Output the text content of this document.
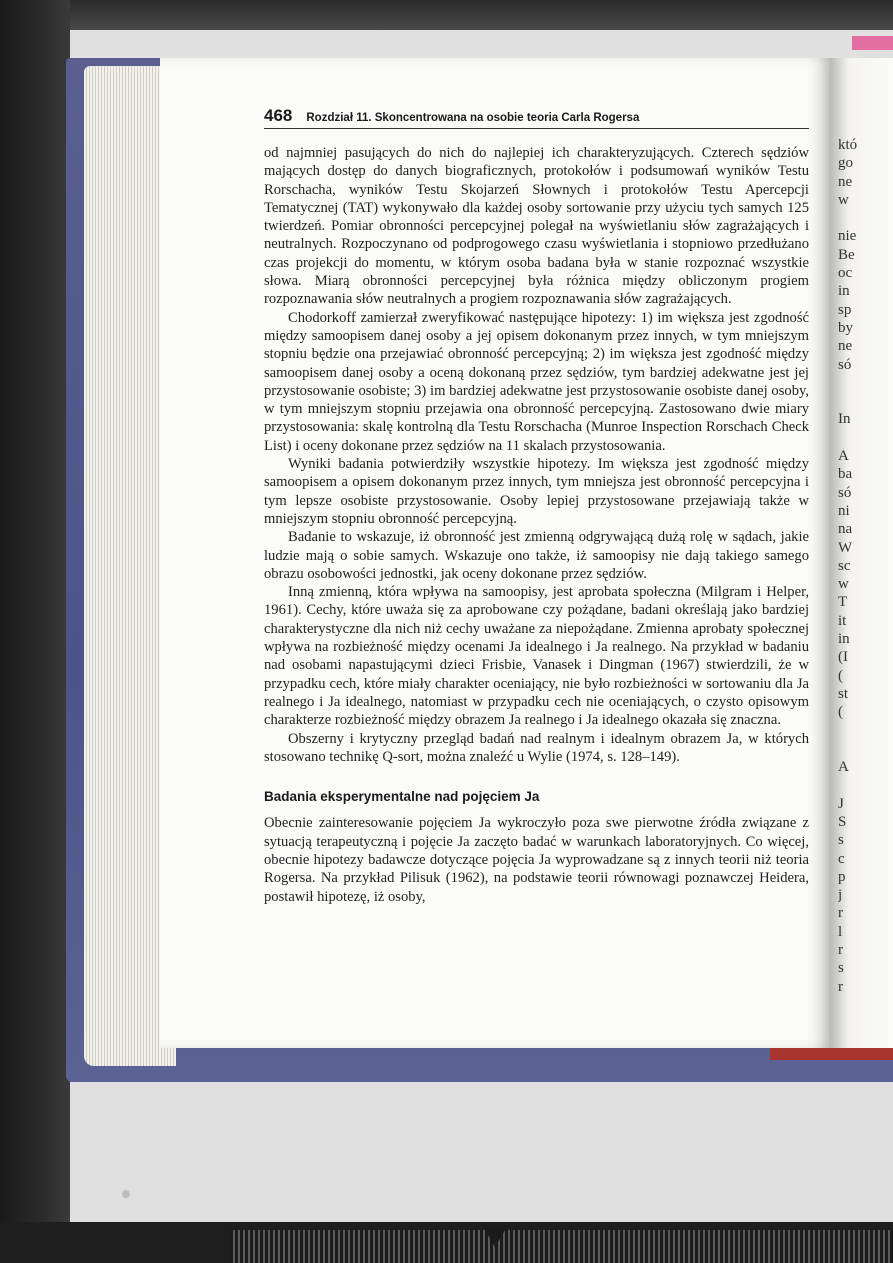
468 Rozdział 11. Skoncentrowana na osobie teoria Carla Rogersa

od najmniej pasujących do nich do najlepiej ich charakteryzujących. Czterech sędziów mających dostęp do danych biograficznych, protokołów i podsumowań wyników Testu Rorschacha, wyników Testu Skojarzeń Słownych i protokołów Testu Apercepcji Tematycznej (TAT) wykonywało dla każdej osoby sortowanie przy użyciu tych samych 125 twierdzeń. Pomiar obronności percepcyjnej polegał na wyświetlaniu słów zagrażających i neutralnych. Rozpoczynano od podprogowego czasu wyświetlania i stopniowo przedłużano czas projekcji do momentu, w którym osoba badana była w stanie rozpoznać wszystkie słowa. Miarą obronności percepcyjnej była różnica między obliczonym progiem rozpoznawania słów neutralnych a progiem rozpoznawania słów zagrażających.

Chodorkoff zamierzał zweryfikować następujące hipotezy: 1) im większa jest zgodność między samoopisem danej osoby a jej opisem dokonanym przez innych, w tym mniejszym stopniu będzie ona przejawiać obronność percepcyjną; 2) im większa jest zgodność między samoopisem danej osoby a oceną dokonaną przez sędziów, tym bardziej adekwatne jest jej przystosowanie osobiste; 3) im bardziej adekwatne jest przystosowanie osobiste danej osoby, w tym mniejszym stopniu przejawia ona obronność percepcyjną. Zastosowano dwie miary przystosowania: skalę kontrolną dla Testu Rorschacha (Munroe Inspection Rorschach Check List) i oceny dokonane przez sędziów na 11 skalach przystosowania.

Wyniki badania potwierdziły wszystkie hipotezy. Im większa jest zgodność między samoopisem a opisem dokonanym przez innych, tym mniejsza jest obronność percepcyjna i tym lepsze osobiste przystosowanie. Osoby lepiej przystosowane przejawiają także w mniejszym stopniu obronność percepcyjną.

Badanie to wskazuje, iż obronność jest zmienną odgrywającą dużą rolę w sądach, jakie ludzie mają o sobie samych. Wskazuje ono także, iż samoopisy nie dają takiego samego obrazu osobowości jednostki, jak oceny dokonane przez sędziów.

Inną zmienną, która wpływa na samoopisy, jest aprobata społeczna (Milgram i Helper, 1961). Cechy, które uważa się za aprobowane czy pożądane, badani określają jako bardziej charakterystyczne dla nich niż cechy uważane za niepożądane. Zmienna aprobaty społecznej wpływa na rozbieżność między ocenami Ja idealnego i Ja realnego. Na przykład w badaniu nad osobami napastującymi dzieci Frisbie, Vanasek i Dingman (1967) stwierdzili, że w przypadku cech, które miały charakter oceniający, nie było rozbieżności w sortowaniu dla Ja realnego i Ja idealnego, natomiast w przypadku cech nie oceniających, o czysto opisowym charakterze rozbieżność między obrazem Ja realnego i Ja idealnego okazała się znaczna.

Obszerny i krytyczny przegląd badań nad realnym i idealnym obrazem Ja, w których stosowano technikę Q-sort, można znaleźć u Wylie (1974, s. 128–149).

Badania eksperymentalne nad pojęciem Ja

Obecnie zainteresowanie pojęciem Ja wykroczyło poza swe pierwotne źródła związane z sytuacją terapeutyczną i pojęcie Ja zaczęto badać w warunkach laboratoryjnych. Co więcej, obecnie hipotezy badawcze dotyczące pojęcia Ja wyprowadzane są z innych teorii niż teoria Rogersa. Na przykład Pilisuk (1962), na podstawie teorii równowagi poznawczej Heidera, postawił hipotezę, iż osoby,

któ
go
ne
w
nie
Be
oc
in
sp
by
ne
só
In
A
ba
só
ni
na
W
sc
w
T
it
in
(I
(
st
(
A
J
S
s
c
p
j
r
l
r
s
r
